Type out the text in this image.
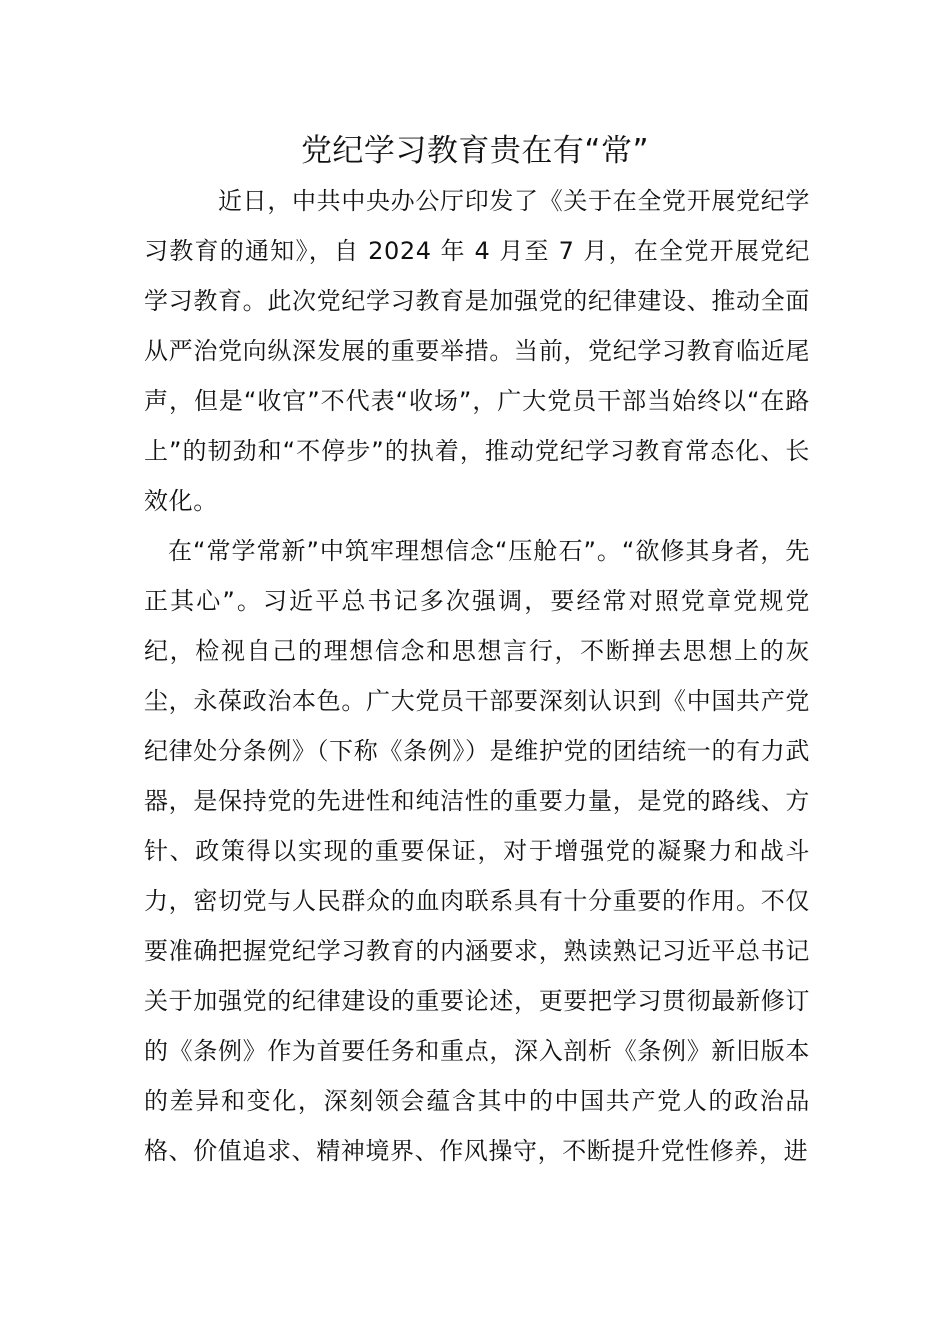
党纪学习教育贵在有“常”

近日，中共中央办公厅印发了《关于在全党开展党纪学习教育的通知》，自 2024 年 4 月至 7 月，在全党开展党纪学习教育。此次党纪学习教育是加强党的纪律建设、推动全面从严治党向纵深发展的重要举措。当前，党纪学习教育临近尾声，但是“收官”不代表“收场”，广大党员干部当始终以“在路上”的韧劲和“不停步”的执着，推动党纪学习教育常态化、长效化。

在“常学常新”中筑牢理想信念“压舱石”。“欲修其身者，先正其心”。习近平总书记多次强调，要经常对照党章党规党纪，检视自己的理想信念和思想言行，不断掸去思想上的灰尘，永葆政治本色。广大党员干部要深刻认识到《中国共产党纪律处分条例》（下称《条例》）是维护党的团结统一的有力武器，是保持党的先进性和纯洁性的重要力量，是党的路线、方针、政策得以实现的重要保证，对于增强党的凝聚力和战斗力，密切党与人民群众的血肉联系具有十分重要的作用。不仅要准确把握党纪学习教育的内涵要求，熟读熟记习近平总书记关于加强党的纪律建设的重要论述，更要把学习贯彻最新修订的《条例》作为首要任务和重点，深入剖析《条例》新旧版本的差异和变化，深刻领会蕴含其中的中国共产党人的政治品格、价值追求、精神境界、作风操守，不断提升党性修养，进
